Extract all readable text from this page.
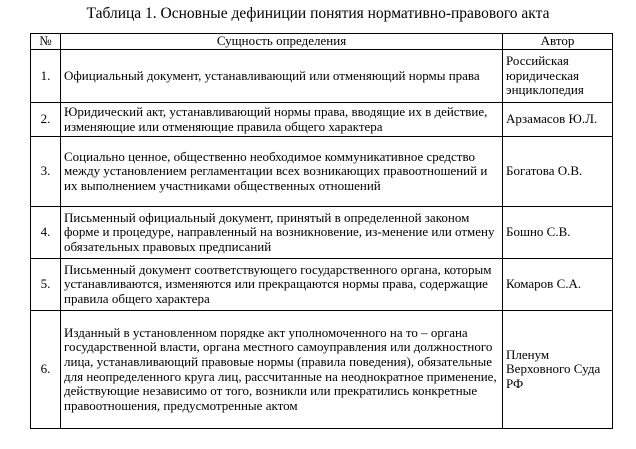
Таблица 1. Основные дефиниции понятия нормативно-правового акта
№	Сущность определения	Автор
1.	Официальный документ, устанавливающий или отменяющий нормы права	Российская юридическая энциклопедия
2.	Юридический акт, устанавливающий нормы права, вводящие их в действие, изменяющие или отменяющие правила общего характера	Арзамасов Ю.Л.
3.	Социально ценное, общественно необходимое коммуникативное средство между установлением регламентации всех возникающих правоотношений и их выполнением участниками общественных отношений	Богатова О.В.
4.	Письменный официальный документ, принятый в определенной законом форме и процедуре, направленный на возникновение, из-менение или отмену обязательных правовых предписаний	Бошно С.В.
5.	Письменный документ соответствующего государственного органа, которым устанавливаются, изменяются или прекращаются нормы права, содержащие правила общего характера	Комаров С.А.
6.	Изданный в установленном порядке акт уполномоченного на то – органа государственной власти, органа местного самоуправления или должностного лица, устанавливающий правовые нормы (правила поведения), обязательные для неопределенного круга лиц, рассчитанные на неоднократное применение, действующие независимо от того, возникли или прекратились конкретные правоотношения, предусмотренные актом	Пленум Верховного Суда РФ
